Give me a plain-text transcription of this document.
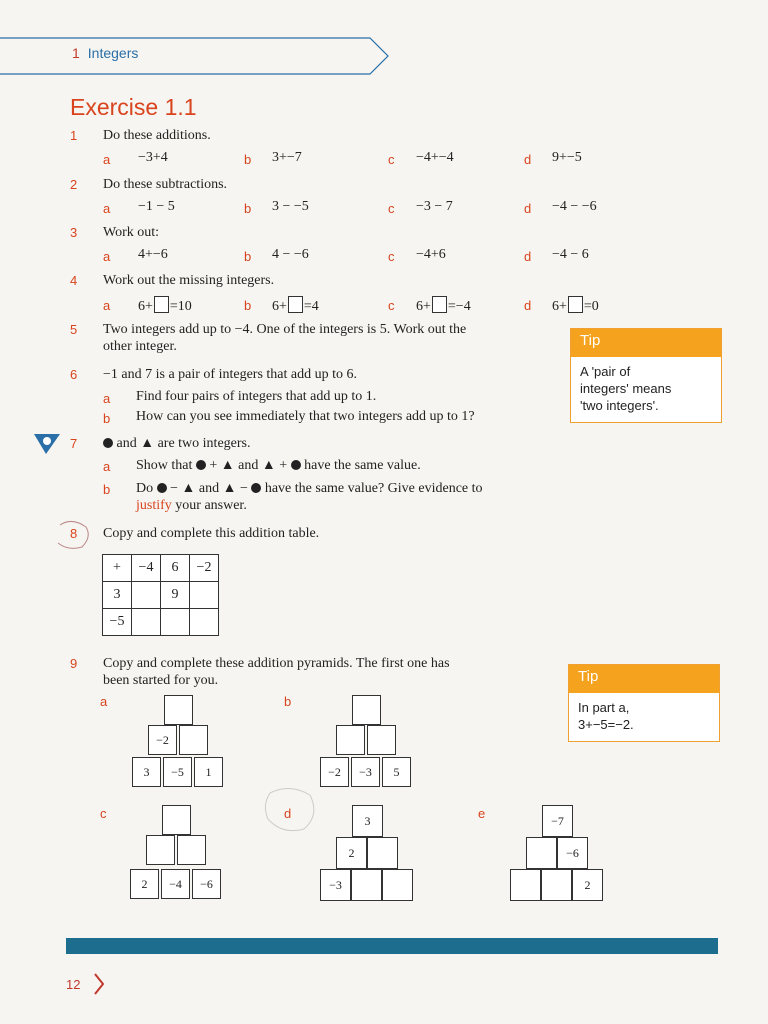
1 Integers
Exercise 1.1
1	Do these additions.
a −3+4	b 3+−7	c −4+−4	d 9+−5
2	Do these subtractions.
a −1 − 5	b 3 − −5	c −3 − 7	d −4 − −6
3	Work out:
a 4+−6	b 4 − −6	c −4+6	d −4 − 6
4	Work out the missing integers.
a 6+ =10	b 6+ =4	c 6+ =−4	d 6+ =0
5	Two integers add up to −4. One of the integers is 5. Work out the
other integer.	Tip
A 'pair of
integers' means
'two integers'.
6	−1 and 7 is a pair of integers that add up to 6.
a Find four pairs of integers that add up to 1.
b How can you see immediately that two integers add up to 1?
7	and ▲ are two integers.
a Show that + ▲ and ▲ + have the same value.
b Do − ▲ and ▲ − have the same value? Give evidence to
justify your answer.
8	Copy and complete this addition table.
+	−4	6	−2
3		9	
−5			
9	Copy and complete these addition pyramids. The first one has
been started for you.	Tip
In part a,
3+−5=−2.
a
−2
3	−5	1
b
−2	−3	5
c
2	−4	−6
d	3
2
−3
e	−7
−6
2
12
